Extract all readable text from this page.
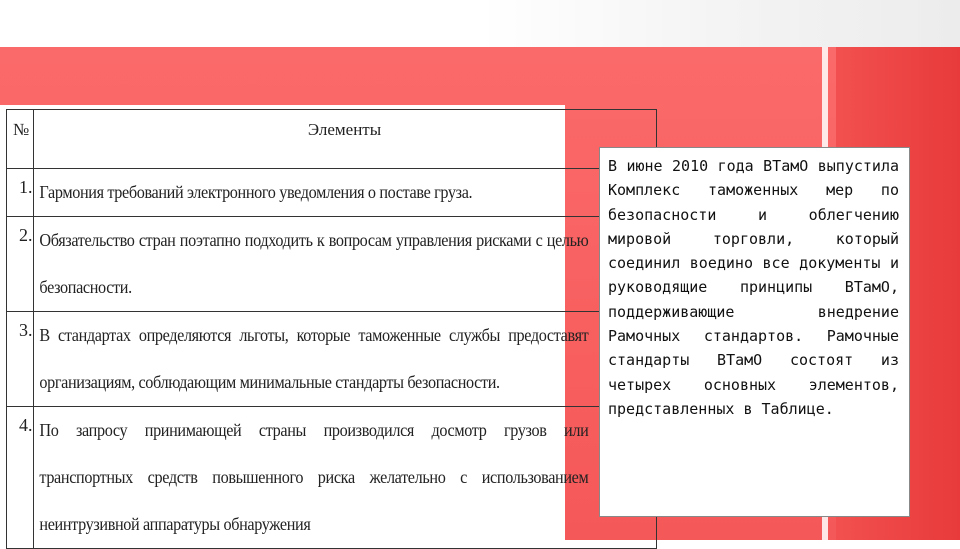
№	Элементы
1.	Гармония требований электронного уведомления о поставе груза.

2.	Обязательство стран поэтапно подходить к вопросам управления рисками с целью безопасности.

3.	В стандартах определяются льготы, которые таможенные службы предоставят организациям, соблюдающим минимальные стандарты безопасности.

4.	По запросу принимающей страны производился досмотр грузов или транспортных средств повышенного риска желательно с использованием неинтрузивной аппаратуры обнаружения
В июне 2010 года ВТамО выпустила Комплекс таможенных мер по безопасности и облегчению мировой торговли, который соединил воедино все документы и руководящие принципы ВТамО, поддерживающие внедрение Рамочных стандартов. Рамочные стандарты ВТамО состоят из четырех основных элементов, представленных в Таблице.
